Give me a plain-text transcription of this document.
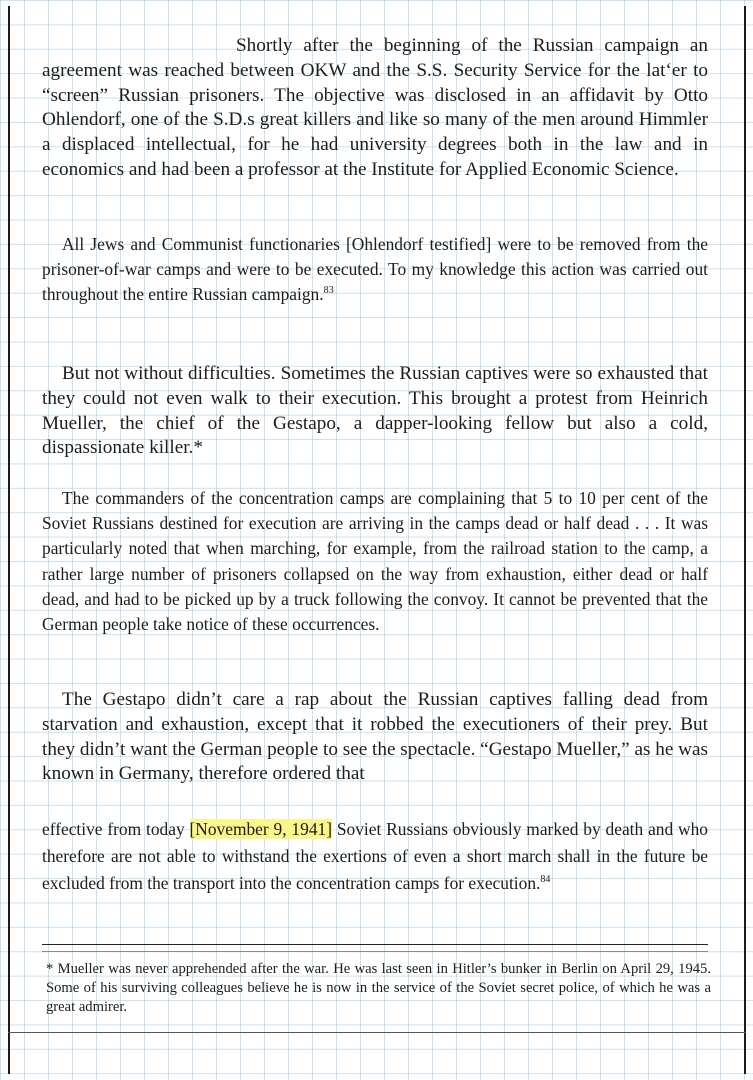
Shortly after the beginning of the Russian campaign an agreement was reached between OKW and the S.S. Security Service for the lat‘er to “screen” Russian prisoners. The objective was disclosed in an affidavit by Otto Ohlendorf, one of the S.D.s great killers and like so many of the men around Himmler a displaced intellectual, for he had university degrees both in the law and in economics and had been a professor at the Institute for Applied Economic Science.

All Jews and Communist functionaries [Ohlendorf testified] were to be removed from the prisoner-of-war camps and were to be executed. To my knowledge this action was carried out throughout the entire Russian campaign.$^{83}$

But not without difficulties. Sometimes the Russian captives were so exhausted that they could not even walk to their execution. This brought a protest from Heinrich Mueller, the chief of the Gestapo, a dapper-looking fellow but also a cold, dispassionate killer.*

The commanders of the concentration camps are complaining that 5 to 10 per cent of the Soviet Russians destined for execution are arriving in the camps dead or half dead . . . It was particularly noted that when marching, for example, from the railroad station to the camp, a rather large number of prisoners collapsed on the way from exhaustion, either dead or half dead, and had to be picked up by a truck following the convoy. It cannot be prevented that the German people take notice of these occurrences.

The Gestapo didn’t care a rap about the Russian captives falling dead from starvation and exhaustion, except that it robbed the executioners of their prey. But they didn’t want the German people to see the spectacle. “Gestapo Mueller,” as he was known in Germany, therefore ordered that

effective from today [November 9, 1941] Soviet Russians obviously marked by death and who therefore are not able to withstand the exertions of even a short march shall in the future be excluded from the transport into the concentration camps for execution.$^{84}$

* Mueller was never apprehended after the war. He was last seen in Hitler’s bunker in Berlin on April 29, 1945. Some of his surviving colleagues believe he is now in the service of the Soviet secret police, of which he was a great admirer.
